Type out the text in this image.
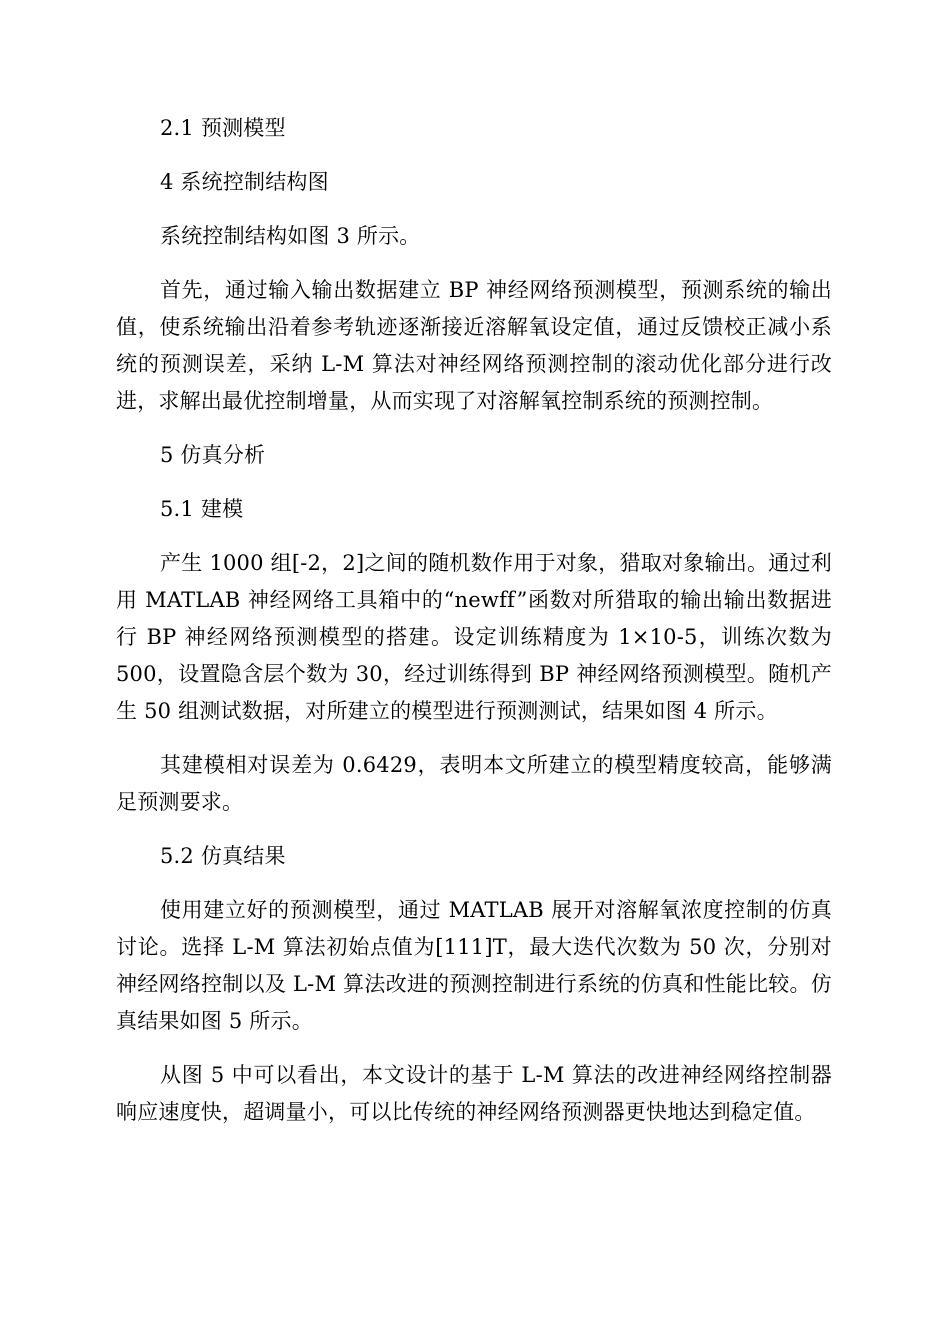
2.1 预测模型

4 系统控制结构图

系统控制结构如图 3 所示。

首先，通过输入输出数据建立 BP 神经网络预测模型，预测系统的输出值，使系统输出沿着参考轨迹逐渐接近溶解氧设定值，通过反馈校正减小系统的预测误差，采纳 L-M 算法对神经网络预测控制的滚动优化部分进行改进，求解出最优控制增量，从而实现了对溶解氧控制系统的预测控制。

5 仿真分析

5.1 建模

产生 1000 组[-2，2]之间的随机数作用于对象，猎取对象输出。通过利用 MATLAB 神经网络工具箱中的“newff”函数对所猎取的输出输出数据进行 BP 神经网络预测模型的搭建。设定训练精度为 1×10-5，训练次数为 500，设置隐含层个数为 30，经过训练得到 BP 神经网络预测模型。随机产生 50 组测试数据，对所建立的模型进行预测测试，结果如图 4 所示。

其建模相对误差为 0.6429，表明本文所建立的模型精度较高，能够满足预测要求。

5.2 仿真结果

使用建立好的预测模型，通过 MATLAB 展开对溶解氧浓度控制的仿真讨论。选择 L-M 算法初始点值为[111]T，最大迭代次数为 50 次，分别对神经网络控制以及 L-M 算法改进的预测控制进行系统的仿真和性能比较。仿真结果如图 5 所示。

从图 5 中可以看出，本文设计的基于 L-M 算法的改进神经网络控制器响应速度快，超调量小，可以比传统的神经网络预测器更快地达到稳定值。
